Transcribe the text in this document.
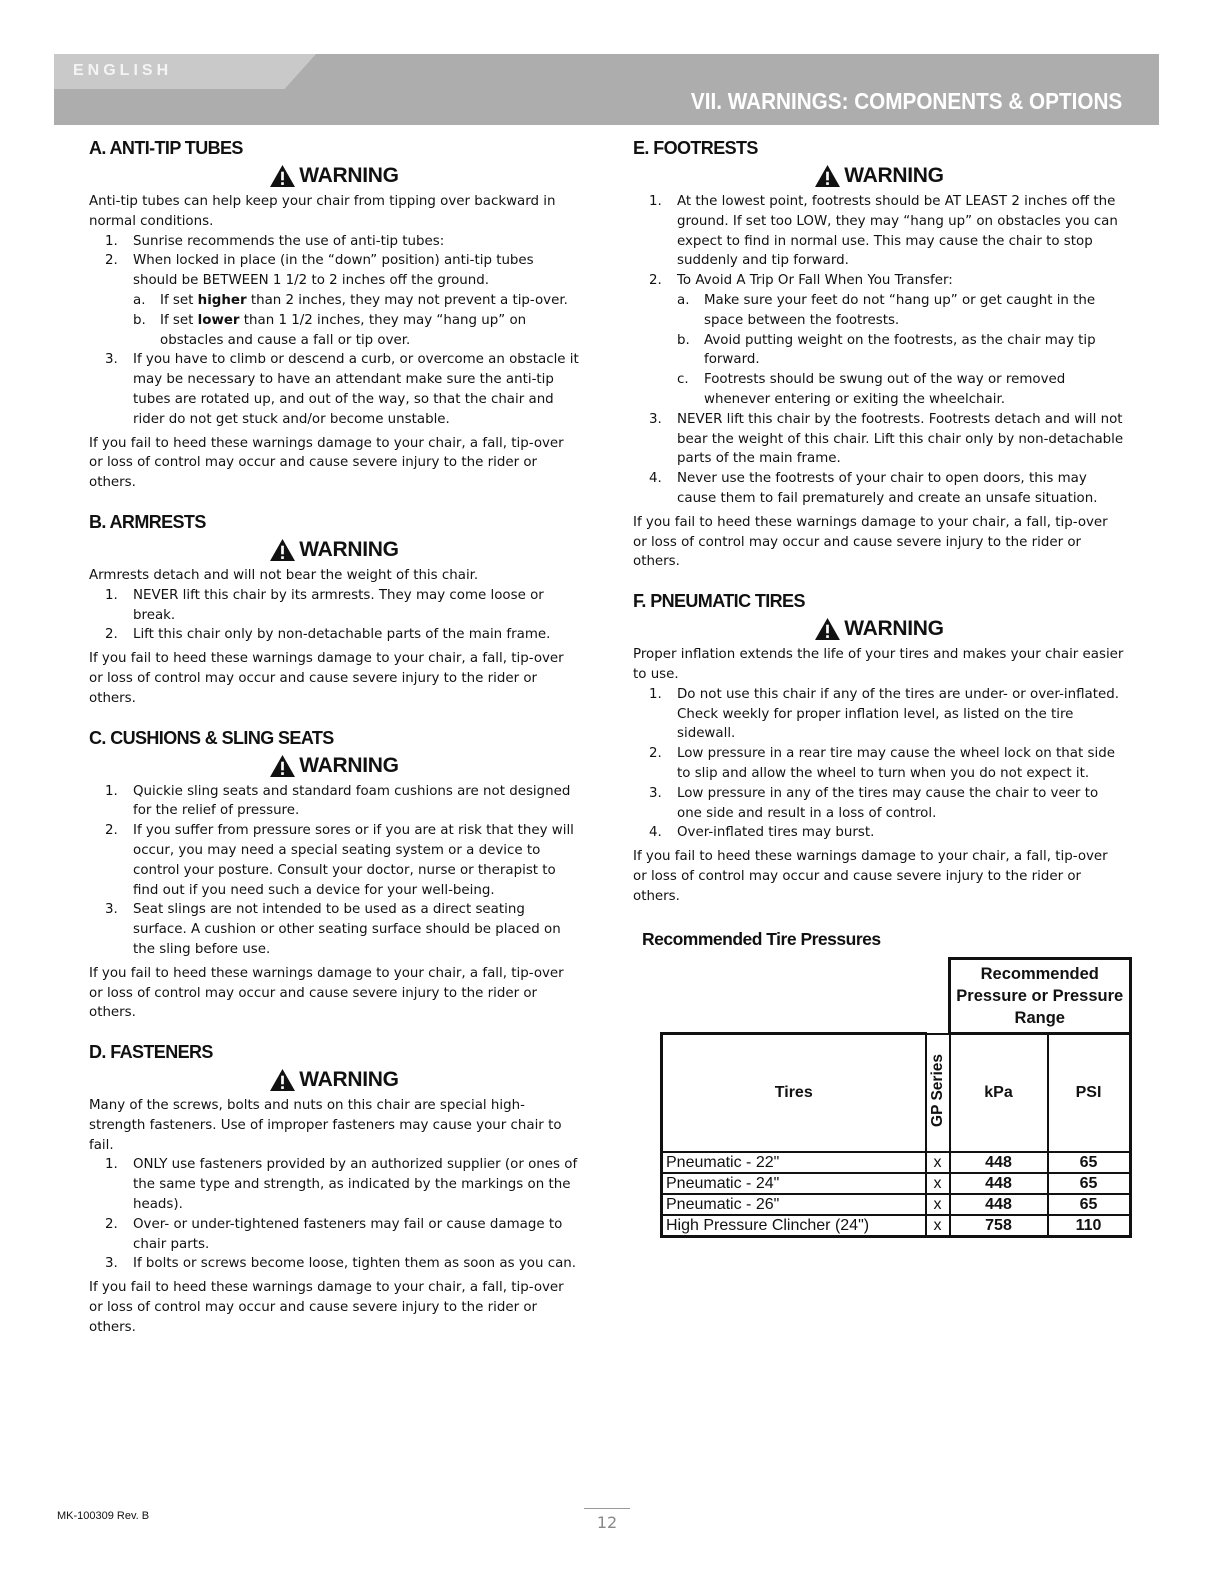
ENGLISH
VII. WARNINGS: COMPONENTS & OPTIONS
A. ANTI-TIP TUBES
WARNING

Anti-tip tubes can help keep your chair from tipping over backward in normal conditions.

1. Sunrise recommends the use of anti-tip tubes:
2. When locked in place (in the “down” position) anti-tip tubes should be BETWEEN 1 1/2 to 2 inches off the ground.
a. If set higher than 2 inches, they may not prevent a tip-over.
b. If set lower than 1 1/2 inches, they may “hang up” on obstacles and cause a fall or tip over.
3. If you have to climb or descend a curb, or overcome an obstacle it may be necessary to have an attendant make sure the anti-tip tubes are rotated up, and out of the way, so that the chair and rider do not get stuck and/or become unstable.

If you fail to heed these warnings damage to your chair, a fall, tip-over or loss of control may occur and cause severe injury to the rider or others.

B. ARMRESTS
WARNING

Armrests detach and will not bear the weight of this chair.

1. NEVER lift this chair by its armrests. They may come loose or break.
2. Lift this chair only by non-detachable parts of the main frame.

If you fail to heed these warnings damage to your chair, a fall, tip-over or loss of control may occur and cause severe injury to the rider or others.

C. CUSHIONS & SLING SEATS
WARNING
1. Quickie sling seats and standard foam cushions are not designed for the relief of pressure.
2. If you suffer from pressure sores or if you are at risk that they will occur, you may need a special seating system or a device to control your posture. Consult your doctor, nurse or therapist to find out if you need such a device for your well-being.
3. Seat slings are not intended to be used as a direct seating surface. A cushion or other seating surface should be placed on the sling before use.

If you fail to heed these warnings damage to your chair, a fall, tip-over or loss of control may occur and cause severe injury to the rider or others.

D. FASTENERS
WARNING

Many of the screws, bolts and nuts on this chair are special high-strength fasteners. Use of improper fasteners may cause your chair to fail.

1. ONLY use fasteners provided by an authorized supplier (or ones of the same type and strength, as indicated by the markings on the heads).
2. Over- or under-tightened fasteners may fail or cause damage to chair parts.
3. If bolts or screws become loose, tighten them as soon as you can.

If you fail to heed these warnings damage to your chair, a fall, tip-over or loss of control may occur and cause severe injury to the rider or others.

E. FOOTRESTS
WARNING
1. At the lowest point, footrests should be AT LEAST 2 inches off the ground. If set too LOW, they may “hang up” on obstacles you can expect to find in normal use. This may cause the chair to stop suddenly and tip forward.
2. To Avoid A Trip Or Fall When You Transfer:
a. Make sure your feet do not “hang up” or get caught in the space between the footrests.
b. Avoid putting weight on the footrests, as the chair may tip forward.
c. Footrests should be swung out of the way or removed whenever entering or exiting the wheelchair.
3. NEVER lift this chair by the footrests. Footrests detach and will not bear the weight of this chair. Lift this chair only by non-detachable parts of the main frame.
4. Never use the footrests of your chair to open doors, this may cause them to fail prematurely and create an unsafe situation.

If you fail to heed these warnings damage to your chair, a fall, tip-over or loss of control may occur and cause severe injury to the rider or others.

F. PNEUMATIC TIRES
WARNING

Proper inflation extends the life of your tires and makes your chair easier to use.

1. Do not use this chair if any of the tires are under- or over-inflated. Check weekly for proper inflation level, as listed on the tire sidewall.
2. Low pressure in a rear tire may cause the wheel lock on that side to slip and allow the wheel to turn when you do not expect it.
3. Low pressure in any of the tires may cause the chair to veer to one side and result in a loss of control.
4. Over-inflated tires may burst.

If you fail to heed these warnings damage to your chair, a fall, tip-over or loss of control may occur and cause severe injury to the rider or others.

Recommended Tire Pressures
		Recommended Pressure or Pressure Range	
Tires	GP Series	kPa	PSI
Pneumatic - 22"	x	448	65
Pneumatic - 24"	x	448	65
Pneumatic - 26"	x	448	65
High Pressure Clincher (24")	x	758	110
MK-100309 Rev. B	12
